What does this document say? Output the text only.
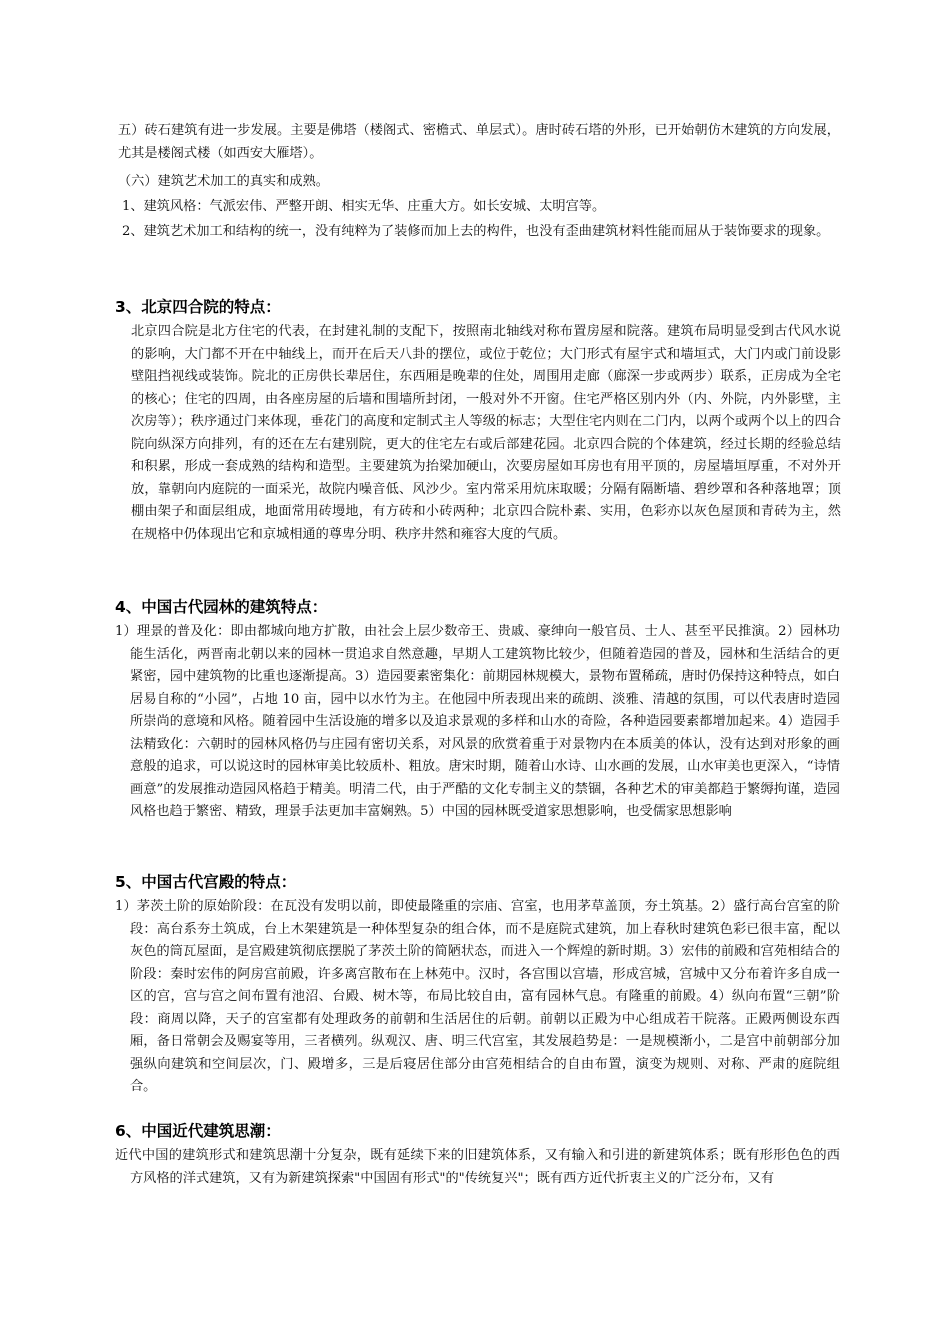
五）砖石建筑有进一步发展。主要是佛塔（楼阁式、密檐式、单层式）。唐时砖石塔的外形，已开始朝仿木建筑的方向发展，尤其是楼阁式楼（如西安大雁塔）。

（六）建筑艺术加工的真实和成熟。

1、建筑风格：气派宏伟、严整开朗、相实无华、庄重大方。如长安城、太明宫等。

2、建筑艺术加工和结构的统一，没有纯粹为了装修而加上去的构件，也没有歪曲建筑材料性能而屈从于装饰要求的现象。

3、北京四合院的特点：

北京四合院是北方住宅的代表，在封建礼制的支配下，按照南北轴线对称布置房屋和院落。建筑布局明显受到古代风水说的影响，大门都不开在中轴线上，而开在后天八卦的摆位，或位于乾位；大门形式有屋宇式和墙垣式，大门内或门前设影壁阻挡视线或装饰。院北的正房供长辈居住，东西厢是晚辈的住处，周围用走廊（廊深一步或两步）联系，正房成为全宅的核心；住宅的四周，由各座房屋的后墙和围墙所封闭，一般对外不开窗。住宅严格区别内外（内、外院，内外影壁，主次房等）；秩序通过门来体现，垂花门的高度和定制式主人等级的标志；大型住宅内则在二门内，以两个或两个以上的四合院向纵深方向排列，有的还在左右建别院，更大的住宅左右或后部建花园。北京四合院的个体建筑，经过长期的经验总结和积累，形成一套成熟的结构和造型。主要建筑为抬梁加硬山，次要房屋如耳房也有用平顶的，房屋墙垣厚重，不对外开放，靠朝向内庭院的一面采光，故院内噪音低、风沙少。室内常采用炕床取暖；分隔有隔断墙、碧纱罩和各种落地罩；顶棚由架子和面层组成，地面常用砖墁地，有方砖和小砖两种；北京四合院朴素、实用，色彩亦以灰色屋顶和青砖为主，然在规格中仍体现出它和京城相通的尊卑分明、秩序井然和雍容大度的气质。

4、中国古代园林的建筑特点：

1）理景的普及化：即由都城向地方扩散，由社会上层少数帝王、贵戚、豪绅向一般官员、士人、甚至平民推演。2）园林功能生活化，两晋南北朝以来的园林一贯追求自然意趣，早期人工建筑物比较少，但随着造园的普及，园林和生活结合的更紧密，园中建筑物的比重也逐渐提高。3）造园要素密集化：前期园林规模大，景物布置稀疏，唐时仍保持这种特点，如白居易自称的“小园”，占地 10 亩，园中以水竹为主。在他园中所表现出来的疏朗、淡雅、清越的氛围，可以代表唐时造园所崇尚的意境和风格。随着园中生活设施的增多以及追求景观的多样和山水的奇险，各种造园要素都增加起来。4）造园手法精致化：六朝时的园林风格仍与庄园有密切关系，对风景的欣赏着重于对景物内在本质美的体认，没有达到对形象的画意般的追求，可以说这时的园林审美比较质朴、粗放。唐宋时期，随着山水诗、山水画的发展，山水审美也更深入，“诗情画意”的发展推动造园风格趋于精美。明清二代，由于严酷的文化专制主义的禁锢，各种艺术的审美都趋于繁缛拘谨，造园风格也趋于繁密、精致，理景手法更加丰富娴熟。5）中国的园林既受道家思想影响，也受儒家思想影响

5、中国古代宫殿的特点：

1）茅茨土阶的原始阶段：在瓦没有发明以前，即使最隆重的宗庙、宫室，也用茅草盖顶，夯土筑基。2）盛行高台宫室的阶段：高台系夯土筑成，台上木架建筑是一种体型复杂的组合体，而不是庭院式建筑，加上春秋时建筑色彩已很丰富，配以灰色的筒瓦屋面，是宫殿建筑彻底摆脱了茅茨土阶的简陋状态，而进入一个辉煌的新时期。3）宏伟的前殿和宫苑相结合的阶段：秦时宏伟的阿房宫前殿，许多离宫散布在上林苑中。汉时，各宫围以宫墙，形成宫城，宫城中又分布着许多自成一区的宫，宫与宫之间布置有池沼、台殿、树木等，布局比较自由，富有园林气息。有隆重的前殿。4）纵向布置“三朝”阶段：商周以降，天子的宫室都有处理政务的前朝和生活居住的后朝。前朝以正殿为中心组成若干院落。正殿两侧设东西厢，备日常朝会及赐宴等用，三者横列。纵观汉、唐、明三代宫室，其发展趋势是：一是规模渐小，二是宫中前朝部分加强纵向建筑和空间层次，门、殿增多，三是后寝居住部分由宫苑相结合的自由布置，演变为规则、对称、严肃的庭院组合。

6、中国近代建筑思潮：

近代中国的建筑形式和建筑思潮十分复杂，既有延续下来的旧建筑体系，又有输入和引进的新建筑体系；既有形形色色的西方风格的洋式建筑，又有为新建筑探索"中国固有形式"的"传统复兴"；既有西方近代折衷主义的广泛分布，又有
